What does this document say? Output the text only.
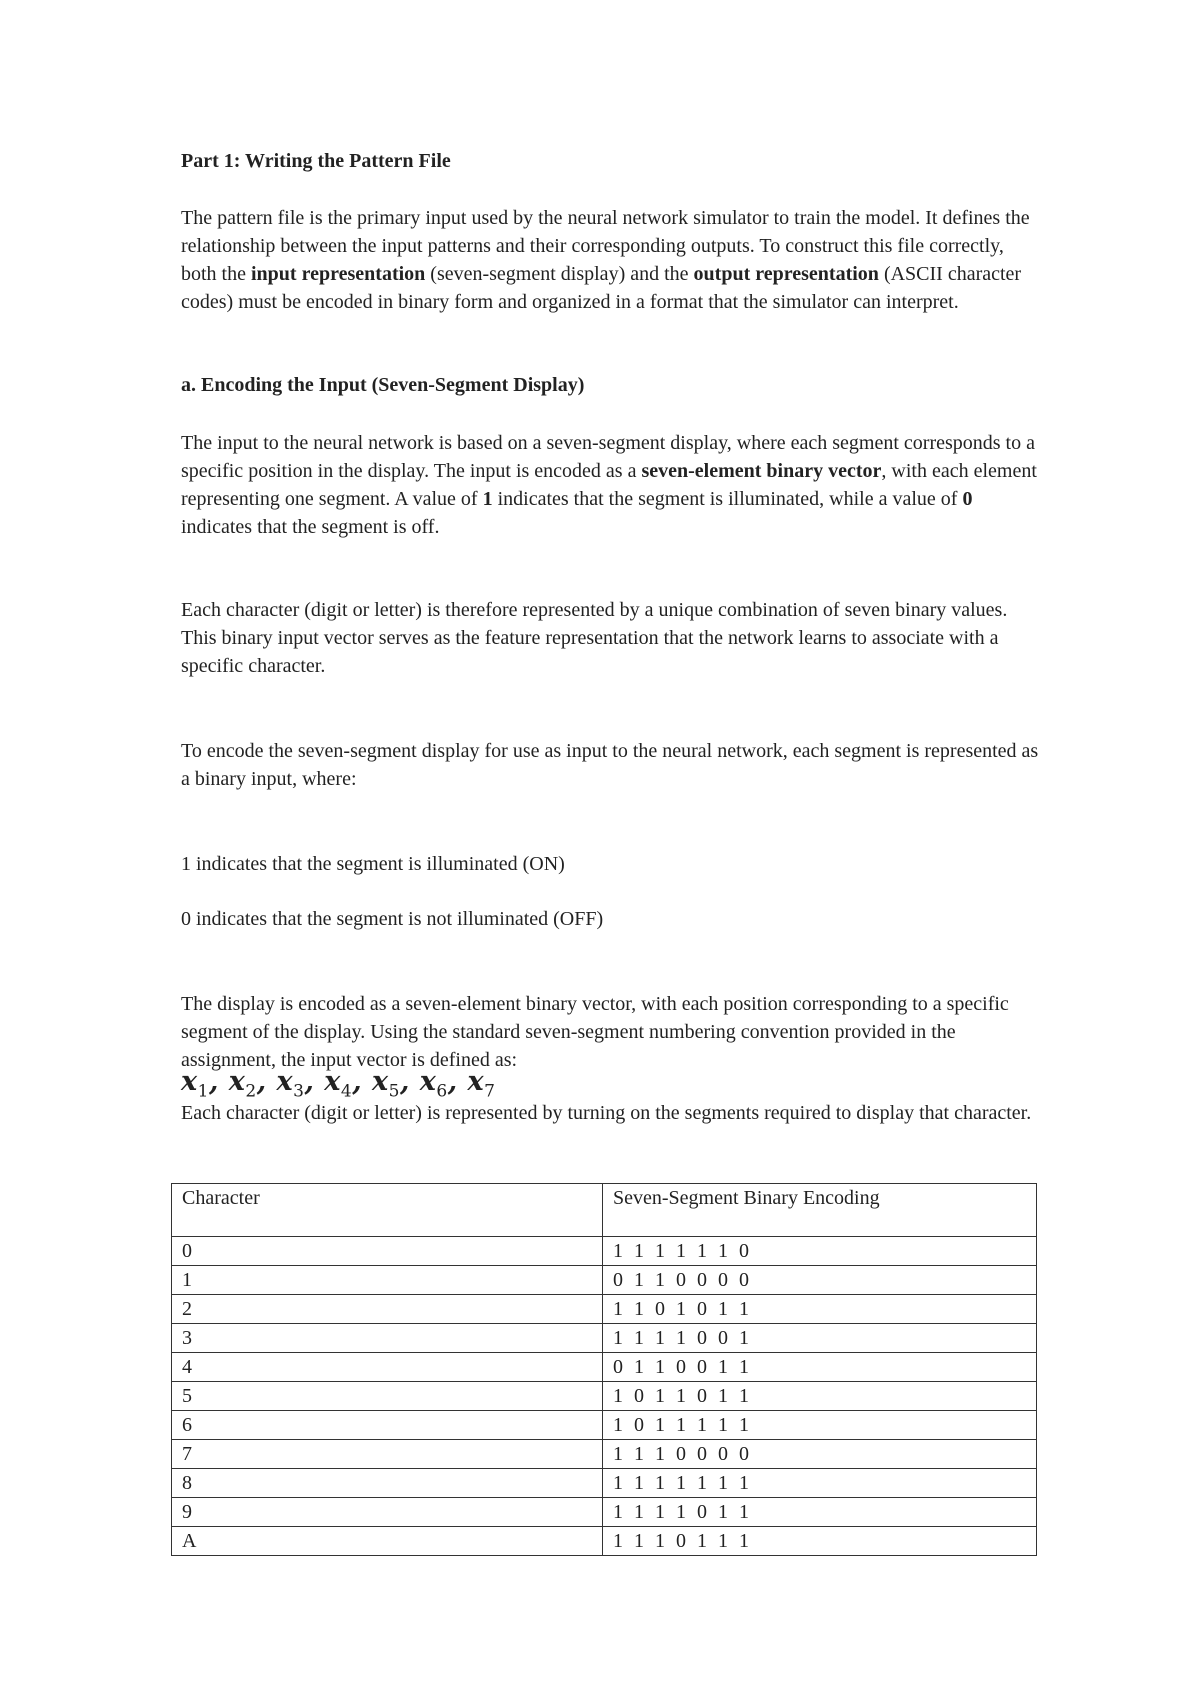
Part 1: Writing the Pattern File

The pattern file is the primary input used by the neural network simulator to train the model. It defines the relationship between the input patterns and their corresponding outputs. To construct this file correctly, both the input representation (seven-segment display) and the output representation (ASCII character codes) must be encoded in binary form and organized in a format that the simulator can interpret.

a. Encoding the Input (Seven-Segment Display)

The input to the neural network is based on a seven-segment display, where each segment corresponds to a specific position in the display. The input is encoded as a seven-element binary vector, with each element representing one segment. A value of 1 indicates that the segment is illuminated, while a value of 0 indicates that the segment is off.

Each character (digit or letter) is therefore represented by a unique combination of seven binary values. This binary input vector serves as the feature representation that the network learns to associate with a specific character.

To encode the seven-segment display for use as input to the neural network, each segment is represented as a binary input, where:

1 indicates that the segment is illuminated (ON)

0 indicates that the segment is not illuminated (OFF)

The display is encoded as a seven-element binary vector, with each position corresponding to a specific segment of the display. Using the standard seven-segment numbering convention provided in the assignment, the input vector is defined as:

$x_1$, $x_2$, $x_3$, $x_4$, $x_5$, $x_6$, $x_7$

Each character (digit or letter) is represented by turning on the segments required to display that character.

Character	Seven-Segment Binary Encoding
0	1 1 1 1 1 1 0
1	0 1 1 0 0 0 0
2	1 1 0 1 0 1 1
3	1 1 1 1 0 0 1
4	0 1 1 0 0 1 1
5	1 0 1 1 0 1 1
6	1 0 1 1 1 1 1
7	1 1 1 0 0 0 0
8	1 1 1 1 1 1 1
9	1 1 1 1 0 1 1
A	1 1 1 0 1 1 1
